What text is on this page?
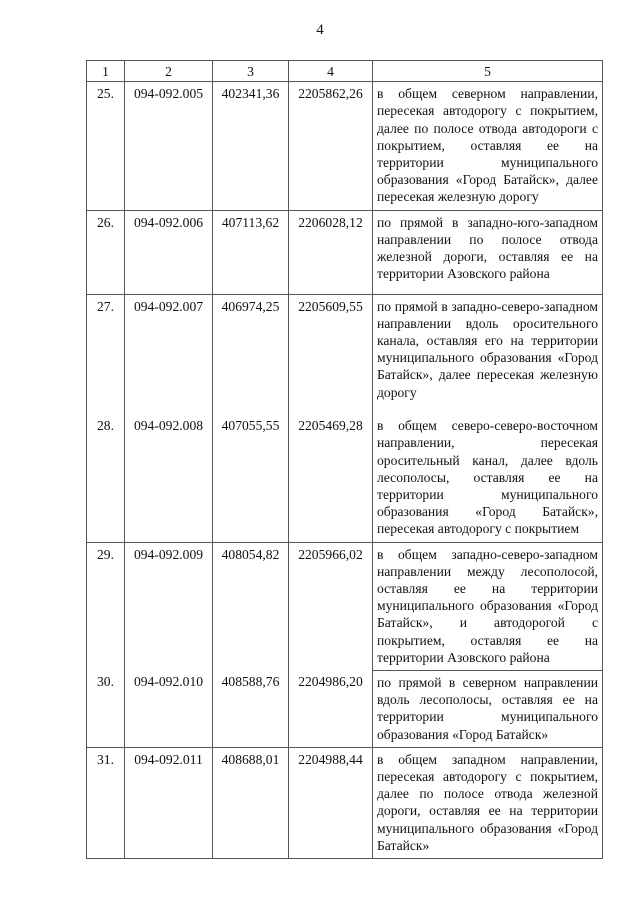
4
1	2	3	4	5
25.	094-092.005	402341,36	2205862,26	в общем северном направлении, пересекая автодорогу с покрытием, далее по полосе отвода автодороги с покрытием, оставляя ее на территории муниципального образования «Город Батайск», далее пересекая железную дорогу
26.	094-092.006	407113,62	2206028,12	по прямой в западно-юго-западном направлении по полосе отвода железной дороги, оставляя ее на территории Азовского района
27.	094-092.007	406974,25	2205609,55	по прямой в западно-северо-западном направлении вдоль оросительного канала, оставляя его на территории муниципального образования «Город Батайск», далее пересекая железную дорогу
28.	094-092.008	407055,55	2205469,28	в общем северо-северо-восточном направлении, пересекая оросительный канал, далее вдоль лесополосы, оставляя ее на территории муниципального образования «Город Батайск», пересекая автодорогу с покрытием
29.	094-092.009	408054,82	2205966,02	в общем западно-северо-западном направлении между лесополосой, оставляя ее на территории муниципального образования «Город Батайск», и автодорогой с покрытием, оставляя ее на территории Азовского района
30.	094-092.010	408588,76	2204986,20	по прямой в северном направлении вдоль лесополосы, оставляя ее на территории муниципального образования «Город Батайск»
31.	094-092.011	408688,01	2204988,44	в общем западном направлении, пересекая автодорогу с покрытием, далее по полосе отвода железной дороги, оставляя ее на территории муниципального образования «Город Батайск»
